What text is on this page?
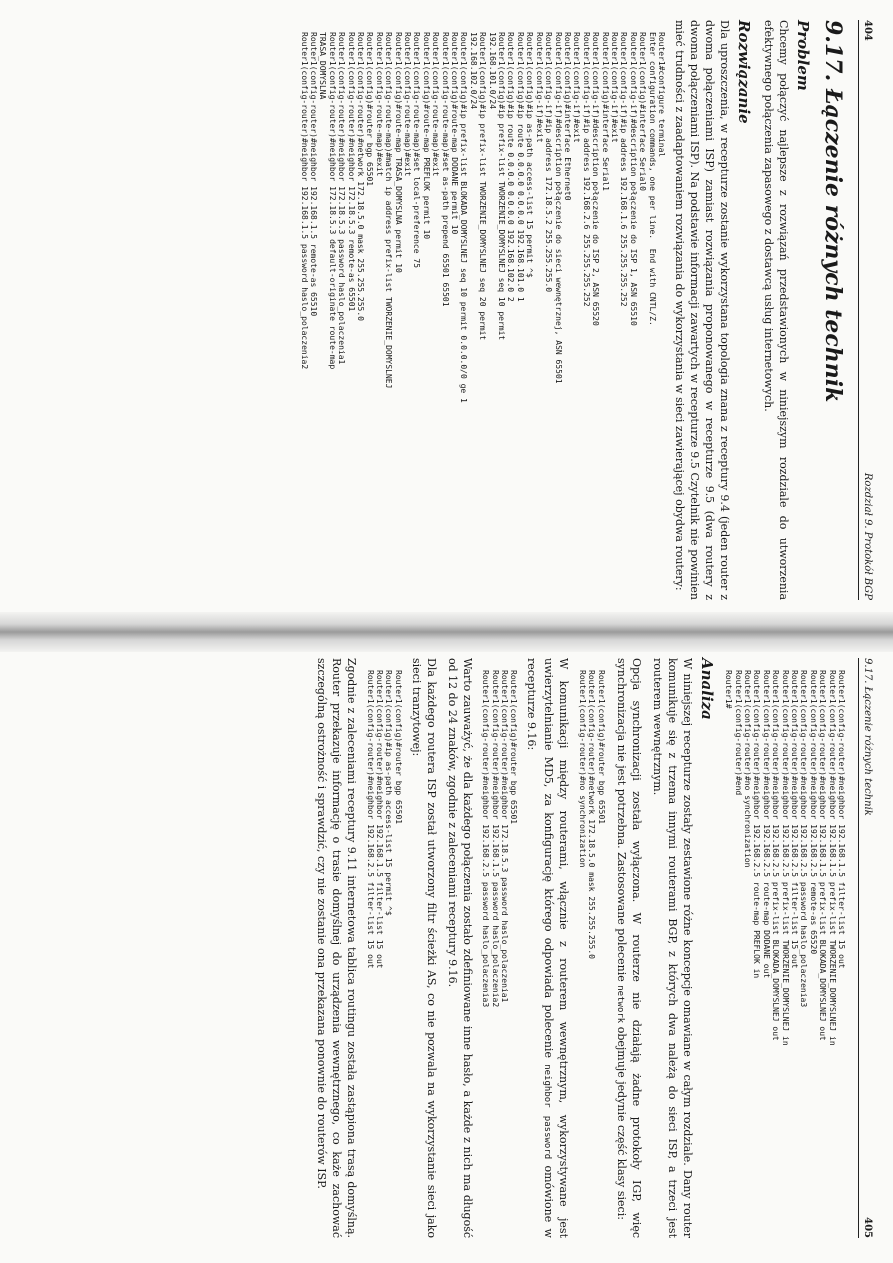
404
Rozdział 9. Protokół BGP
9.17. Łączenie różnych technik
Problem

Chcemy połączyć najlepsze z rozwiązań przedstawionych w niniejszym rozdziale do utworzenia efektywnego połączenia zapasowego z dostawcą usług internetowych.

Rozwiązanie

Dla uproszczenia, w recepturze zostanie wykorzystana topologia znana z receptury 9.4 (jeden router z dwoma połączeniami ISP) zamiast rozwiązania proponowanego w recepturze 9.5 (dwa routery z dwoma połączeniami ISP). Na podstawie informacji zawartych w recepturze 9.5 Czytelnik nie powinien mieć trudności z zaadaptowaniem rozwiązania do wykorzystania w sieci zawierającej obydwa routery:

Router1#configure terminal
Enter configuration commands, one per line.  End with CNTL/Z.
Router1(config)#interface Serial0
Router1(config-if)#description połączenie do ISP 1, ASN 65510
Router1(config-if)#ip address 192.168.1.6 255.255.255.252
Router1(config-if)#exit
Router1(config)#interface Serial1
Router1(config-if)#description połączenie do ISP 2, ASN 65520
Router1(config-if)#ip address 192.168.2.6 255.255.255.252
Router1(config-if)#exit
Router1(config)#interface Ethernet0
Router1(config-if)#description połączenie do sieci wewnętrznej, ASN 65501
Router1(config-if)#ip address 172.18.5.2 255.255.255.0
Router1(config-if)#exit
Router1(config)#ip as-path access-list 15 permit ^$
Router1(config)#ip route 0.0.0.0 0.0.0.0 192.168.101.0 1
Router1(config)#ip route 0.0.0.0 0.0.0.0 192.168.102.0 2
Router1(config)#ip prefix-list TWORZENIE_DOMYSLNEJ seq 10 permit
192.168.101.0/24
Router1(config)#ip prefix-list TWORZENIE_DOMYSLNEJ seq 20 permit
192.168.102.0/24
Router1(config)#ip prefix-list BLOKADA_DOMYSLNEJ seq 10 permit 0.0.0.0/0 ge 1
Router1(config)#route-map DODANE permit 10
Router1(config-route-map)#set as-path prepend 65501 65501
Router1(config-route-map)#exit
Router1(config)#route-map PREFLOK permit 10
Router1(config-route-map)#set local-preference 75
Router1(config-route-map)#exit
Router1(config)#route-map TRASA_DOMYSLNA permit 10
Router1(config-route-map)#match ip address prefix-list TWORZENIE_DOMYSLNEJ
Router1(config-route-map)#exit
Router1(config)#router bgp 65501
Router1(config-router)#network 172.18.5.0 mask 255.255.255.0
Router1(config-router)#neighbor 172.18.5.3 remote-as 65501
Router1(config-router)#neighbor 172.18.5.3 password haslo_polaczenia1
Router1(config-router)#neighbor 172.18.5.3 default-originate route-map
TRASA_DOMYSLNA
Router1(config-router)#neighbor 192.168.1.5 remote-as 65510
Router1(config-router)#neighbor 192.168.1.5 password haslo_polaczenia2
9.17. Łączenie różnych technik
405
Router1(config-router)#neighbor 192.168.1.5 filter-list 15 out
Router1(config-router)#neighbor 192.168.1.5 prefix-list TWORZENIE_DOMYSLNEJ in
Router1(config-router)#neighbor 192.168.1.5 prefix-list BLOKADA_DOMYSLNEJ out
Router1(config-router)#neighbor 192.168.2.5 remote-as 65520
Router1(config-router)#neighbor 192.168.2.5 password haslo_polaczenia3
Router1(config-router)#neighbor 192.168.2.5 filter-list 15 out
Router1(config-router)#neighbor 192.168.2.5 prefix-list TWORZENIE_DOMYSLNEJ in
Router1(config-router)#neighbor 192.168.2.5 prefix-list BLOKADA_DOMYSLNEJ out
Router1(config-router)#neighbor 192.168.2.5 route-map DODANE out
Router1(config-router)#neighbor 192.168.2.5 route-map PREFLOK in
Router1(config-router)#no synchronization
Router1(config-router)#end
Router1#
Analiza

W niniejszej recepturze zostały zestawione różne koncepcje omawiane w całym rozdziale. Dany router komunikuje się z trzema innymi routerami BGP, z których dwa należą do sieci ISP, a trzeci jest routerem wewnętrznym.

Opcja synchronizacji została wyłączona. W routerze nie działają żadne protokoły IGP, więc synchronizacja nie jest potrzebna. Zastosowane polecenie network obejmuje jedynie część klasy sieci:

Router1(config)#router bgp 65501
Router1(config-router)#network 172.18.5.0 mask 255.255.255.0
Router1(config-router)#no synchronization

W komunikacji między routerami, włącznie z routerem wewnętrznym, wykorzystywane jest uwierzytelnianie MD5, za konfigurację którego odpowiada polecenie neighbor password omówione w recepturze 9.16:

Router1(config)#router bgp 65501
Router1(config-router)#neighbor 172.18.5.3 password haslo_polaczenia1
Router1(config-router)#neighbor 192.168.1.5 password haslo_polaczenia2
Router1(config-router)#neighbor 192.168.2.5 password haslo_polaczenia3

Warto zauważyć, że dla każdego połączenia zostało zdefiniowane inne hasło, a każde z nich ma długość od 12 do 24 znaków, zgodnie z zaleceniami receptury 9.16.

Dla każdego routera ISP został utworzony filtr ścieżki AS, co nie pozwala na wykorzystanie sieci jako sieci tranzytowej:

Router1(config)#router bgp 65501
Router1(config)#ip as-path access-list 15 permit ^$
Router1(config-router)#neighbor 192.168.1.5 filter-list 15 out
Router1(config-router)#neighbor 192.168.2.5 filter-list 15 out

Zgodnie z zaleceniami receptury 9.11 internetowa tablica routingu została zastąpiona trasą domyślną. Router przekazuje informację o trasie domyślnej do urządzenia wewnętrznego, co każe zachować szczególną ostrożność i sprawdzić, czy nie zostanie ona przekazana ponownie do routerów ISP.
